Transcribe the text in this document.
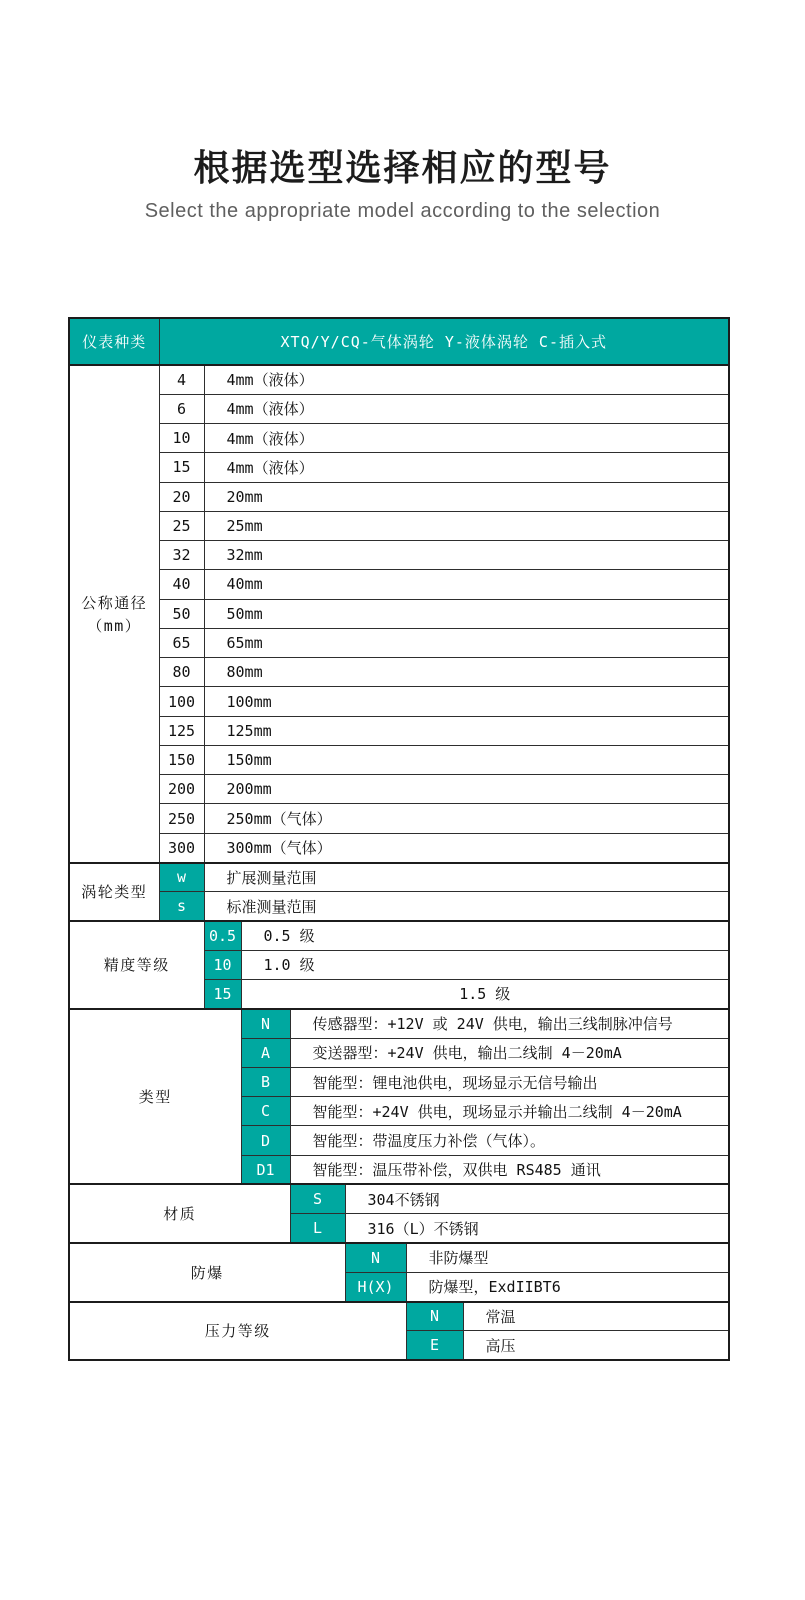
根据选型选择相应的型号
Select the appropriate model according to the selection
仪表种类	XTQ/Y/CQ-气体涡轮 Y-液体涡轮 C-插入式						

公称通径
（mm）	4	4mm（液体）					
	6	4mm（液体）					
	10	4mm（液体）					
	15	4mm（液体）					
	20	20mm					
	25	25mm					
	32	32mm					
	40	40mm					
	50	50mm					
	65	65mm					
	80	80mm					
	100	100mm					
	125	125mm					
	150	150mm					
	200	200mm					
	250	250mm（气体）					
	300	300mm（气体）					

涡轮类型	w	扩展测量范围					
	s	标准测量范围					

精度等级		0.5	0.5 级				
		10	1.0 级				
		15	1.5 级				

类型			N	传感器型：+12V 或 24V 供电，输出三线制脉冲信号			
			A	变送器型：+24V 供电，输出二线制 4－20mA			
			B	智能型：锂电池供电，现场显示无信号输出			
			C	智能型：+24V 供电，现场显示并输出二线制 4－20mA			
			D	智能型：带温度压力补偿（气体）。			
			D1	智能型：温压带补偿，双供电 RS485 通讯			

材质				S	304不锈钢		
				L	316（L）不锈钢		

防爆					N	非防爆型	
					H(X)	防爆型，ExdIIBT6	

压力等级						N	常温
						E	高压
